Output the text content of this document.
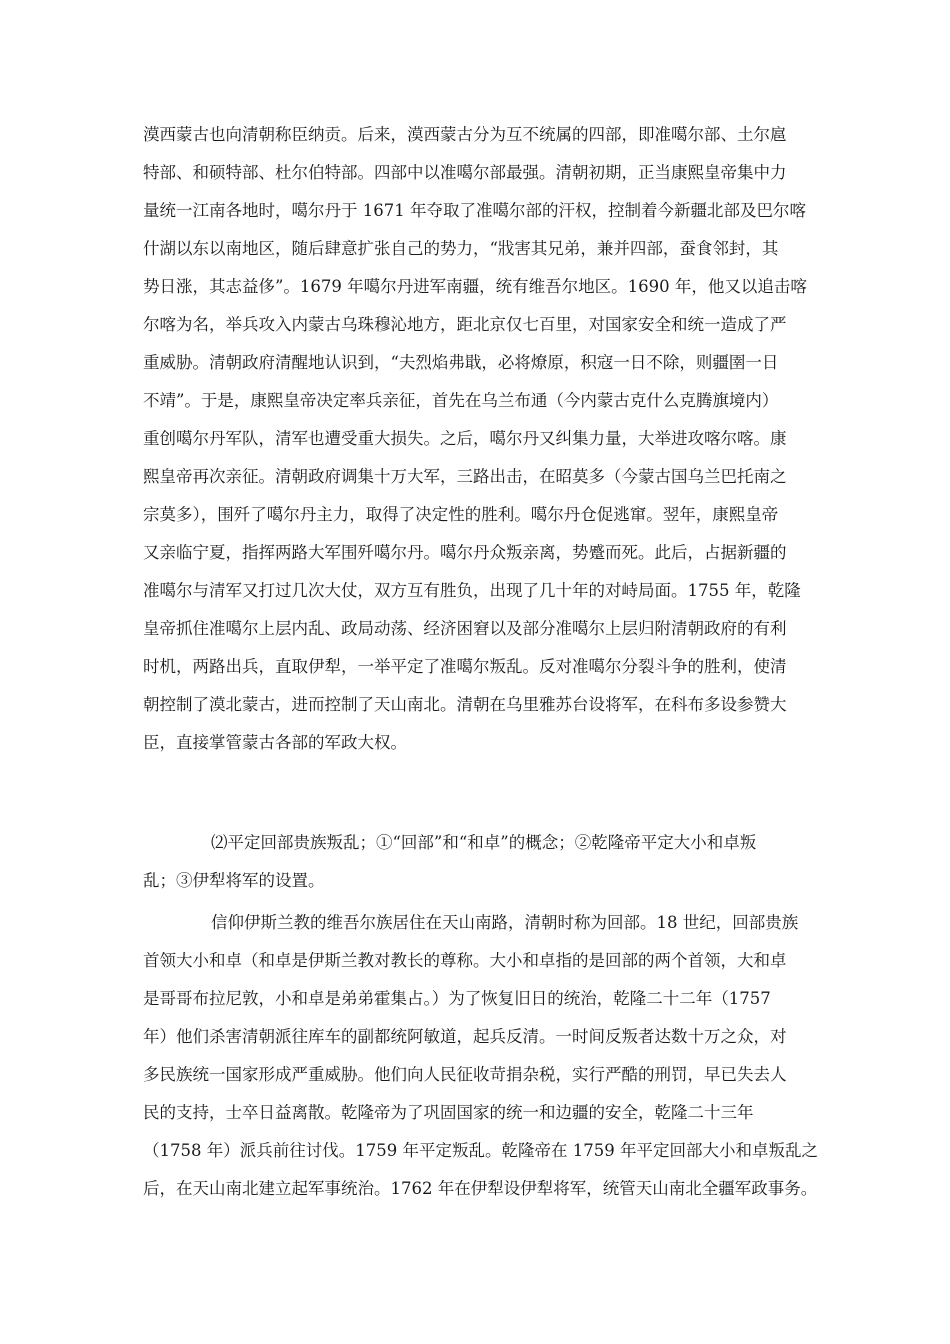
漠西蒙古也向清朝称臣纳贡。后来，漠西蒙古分为互不统属的四部，即准噶尔部、土尔扈
特部、和硕特部、杜尔伯特部。四部中以准噶尔部最强。清朝初期，正当康熙皇帝集中力
量统一江南各地时，噶尔丹于 1671 年夺取了准噶尔部的汗权，控制着今新疆北部及巴尔喀
什湖以东以南地区，随后肆意扩张自己的势力，“戕害其兄弟，兼并四部，蚕食邻封，其
势日涨，其志益侈”。1679 年噶尔丹进军南疆，统有维吾尔地区。1690 年，他又以追击喀
尔喀为名，举兵攻入内蒙古乌珠穆沁地方，距北京仅七百里，对国家安全和统一造成了严
重威胁。清朝政府清醒地认识到，“夫烈焰弗戢，必将燎原，积寇一日不除，则疆圉一日
不靖”。于是，康熙皇帝决定率兵亲征，首先在乌兰布通（今内蒙古克什么克腾旗境内）
重创噶尔丹军队，清军也遭受重大损失。之后，噶尔丹又纠集力量，大举进攻喀尔喀。康
熙皇帝再次亲征。清朝政府调集十万大军，三路出击，在昭莫多（今蒙古国乌兰巴托南之
宗莫多），围歼了噶尔丹主力，取得了决定性的胜利。噶尔丹仓促逃窜。翌年，康熙皇帝
又亲临宁夏，指挥两路大军围歼噶尔丹。噶尔丹众叛亲离，势蹙而死。此后，占据新疆的
准噶尔与清军又打过几次大仗，双方互有胜负，出现了几十年的对峙局面。1755 年，乾隆
皇帝抓住准噶尔上层内乱、政局动荡、经济困窘以及部分准噶尔上层归附清朝政府的有利
时机，两路出兵，直取伊犁，一举平定了准噶尔叛乱。反对准噶尔分裂斗争的胜利，使清
朝控制了漠北蒙古，进而控制了天山南北。清朝在乌里雅苏台设将军，在科布多设参赞大
臣，直接掌管蒙古各部的军政大权。
⑵平定回部贵族叛乱；①“回部”和“和卓”的概念；②乾隆帝平定大小和卓叛
乱；③伊犁将军的设置。
信仰伊斯兰教的维吾尔族居住在天山南路，清朝时称为回部。18 世纪，回部贵族
首领大小和卓（和卓是伊斯兰教对教长的尊称。大小和卓指的是回部的两个首领，大和卓
是哥哥布拉尼敦，小和卓是弟弟霍集占。）为了恢复旧日的统治，乾隆二十二年（1757
年）他们杀害清朝派往库车的副都统阿敏道，起兵反清。一时间反叛者达数十万之众，对
多民族统一国家形成严重威胁。他们向人民征收苛捐杂税，实行严酷的刑罚，早已失去人
民的支持，士卒日益离散。乾隆帝为了巩固国家的统一和边疆的安全，乾隆二十三年
（1758 年）派兵前往讨伐。1759 年平定叛乱。乾隆帝在 1759 年平定回部大小和卓叛乱之
后，在天山南北建立起军事统治。1762 年在伊犁设伊犁将军，统管天山南北全疆军政事务。
